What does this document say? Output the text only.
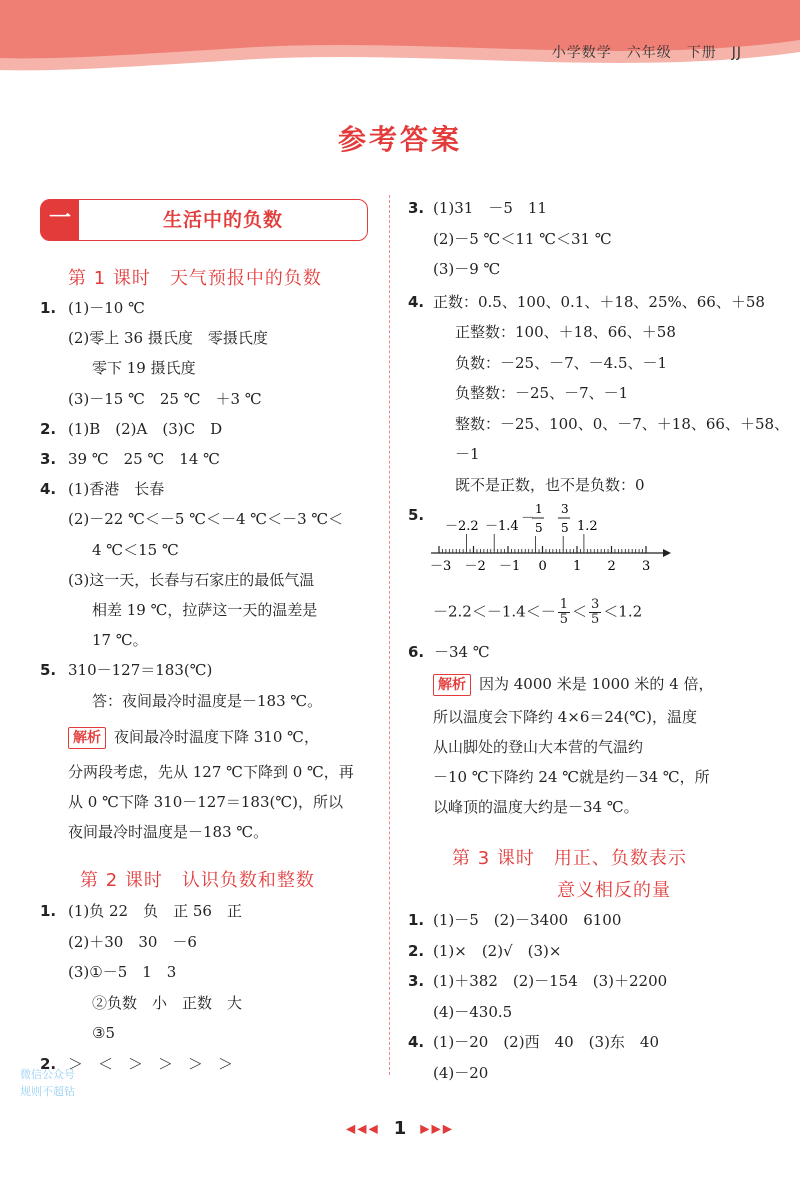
小学数学　六年级　下册　JJ
参考答案
一	生活中的负数
第 1 课时　天气预报中的负数
1. (1)－10 ℃
(2)零上 36 摄氏度　零摄氏度
零下 19 摄氏度
(3)－15 ℃　25 ℃　＋3 ℃
2. (1)B　(2)A　(3)C　D
3. 39 ℃　25 ℃　14 ℃
4. (1)香港　长春
(2)－22 ℃＜－5 ℃＜－4 ℃＜－3 ℃＜
4 ℃＜15 ℃
(3)这一天，长春与石家庄的最低气温
相差 19 ℃，拉萨这一天的温差是
17 ℃。
5. 310－127＝183(℃)
答：夜间最冷时温度是－183 ℃。
解析 夜间最冷时温度下降 310 ℃，
分两段考虑，先从 127 ℃下降到 0 ℃，再
从 0 ℃下降 310－127＝183(℃)，所以
夜间最冷时温度是－183 ℃。
第 2 课时　认识负数和整数
1. (1)负 22　负　正 56　正
(2)＋30　30　－6
(3)①－5　1　3
②负数　小　正数　大
③5
2. ＞　＜　＞　＞　＞　＞
3. (1)31　－5　11
(2)－5 ℃＜11 ℃＜31 ℃
(3)－9 ℃
4. 正数：0.5、100、0.1、＋18、25%、66、＋58
正整数：100、＋18、66、＋58
负数：－25、－7、－4.5、－1
负整数：－25、－7、－1
整数：－25、100、0、－7、＋18、66、＋58、
－1
既不是正数，也不是负数：0
5.
－2.2 －1.4
－
1
5
3
5 1.2
－3 －2 －1 0 1 2 3
$-2.2<-1.4<- \frac{1}{5} < \frac{3}{5} <1.2$
6. －34 ℃
解析 因为 4000 米是 1000 米的 4 倍，
所以温度会下降约 4×6＝24(℃)，温度
从山脚处的登山大本营的气温约
－10 ℃下降约 24 ℃就是约－34 ℃，所
以峰顶的温度大约是－34 ℃。
第 3 课时　用正、负数表示
意义相反的量
1. (1)－5　(2)－3400　6100
2. (1)×　(2)√　(3)×
3. (1)＋382　(2)－154　(3)＋2200
(4)－430.5
4. (1)－20　(2)西　40　(3)东　40
(4)－20
◀◀◀ 1 ▶▶▶
微信公众号
规则不超钻
